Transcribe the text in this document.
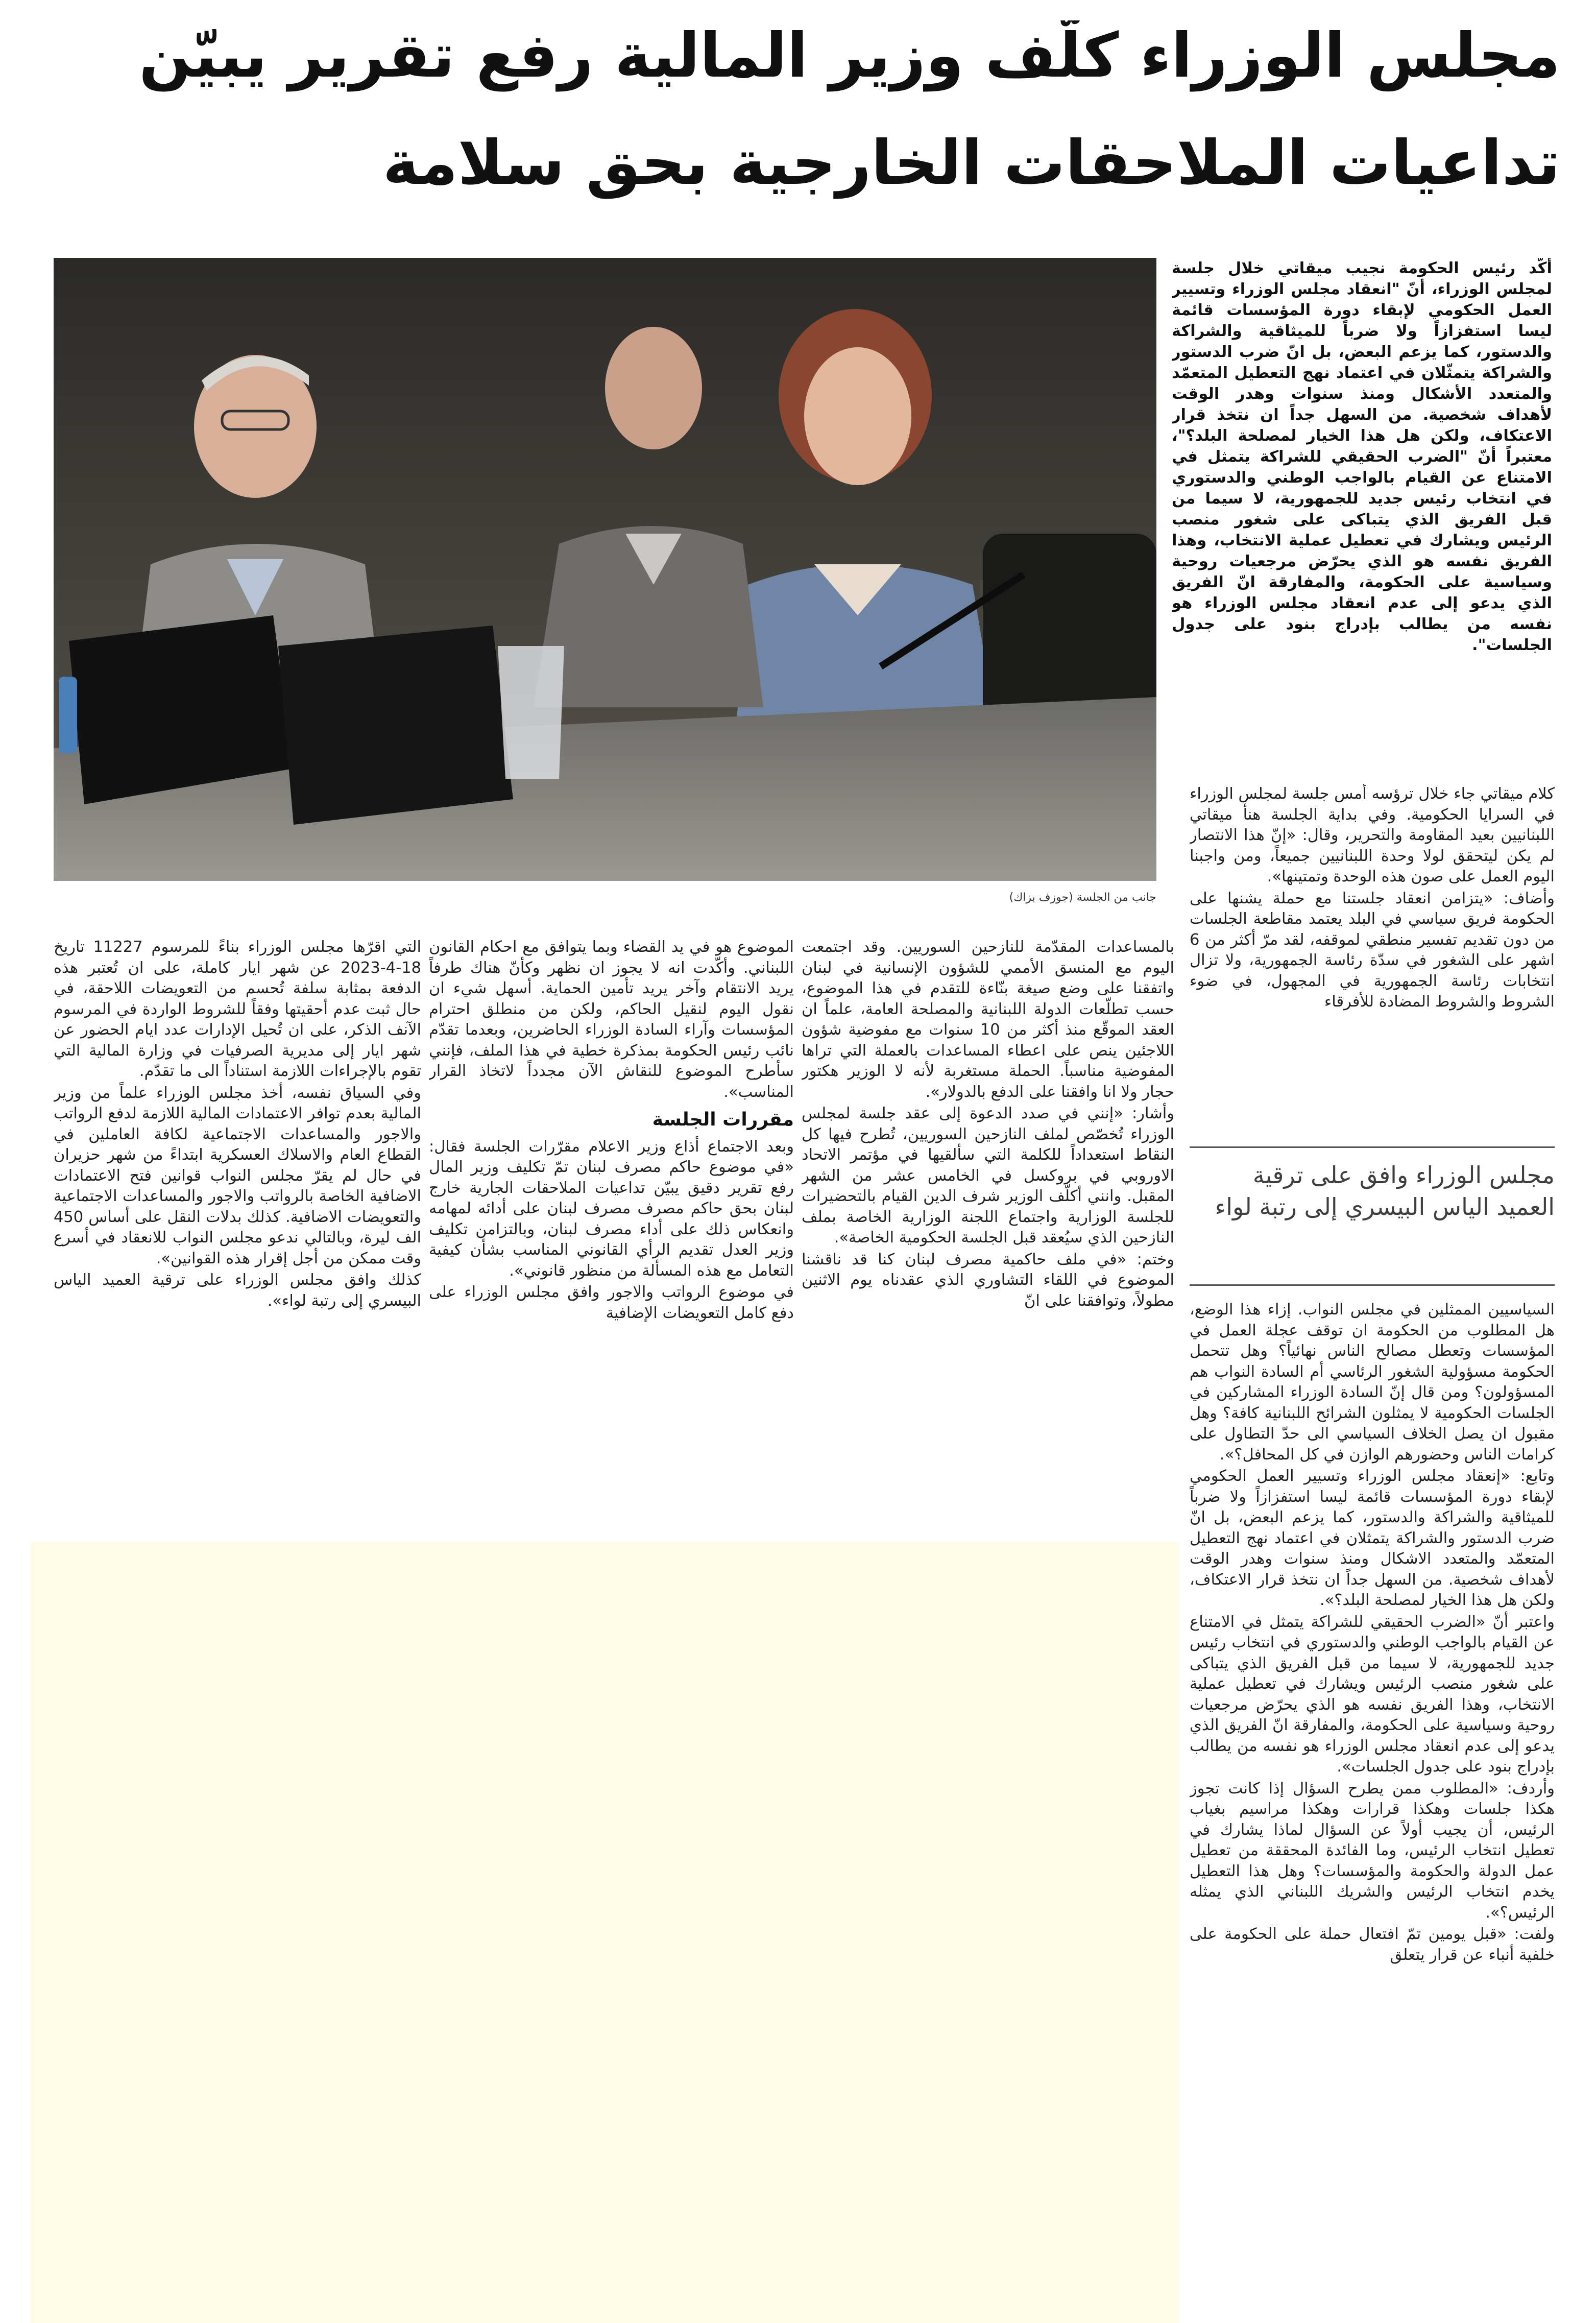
مجلس الوزراء كلّف وزير المالية رفع تقرير يبيّن
تداعيات الملاحقات الخارجية بحق سلامة

أكّد رئيس الحكومة نجيب ميقاتي خلال جلسة لمجلس الوزراء، أنّ "انعقاد مجلس الوزراء وتسيير العمل الحكومي لإبقاء دورة المؤسسات قائمة ليسا استفزازاً ولا ضرباً للميثاقية والشراكة والدستور، كما يزعم البعض، بل انّ ضرب الدستور والشراكة يتمثّلان في اعتماد نهج التعطيل المتعمّد والمتعدد الأشكال ومنذ سنوات وهدر الوقت لأهداف شخصية. من السهل جداً ان نتخذ قرار الاعتكاف، ولكن هل هذا الخيار لمصلحة البلد؟"، معتبراً أنّ "الضرب الحقيقي للشراكة يتمثل في الامتناع عن القيام بالواجب الوطني والدستوري في انتخاب رئيس جديد للجمهورية، لا سيما من قبل الفريق الذي يتباكى على شغور منصب الرئيس ويشارك في تعطيل عملية الانتخاب، وهذا الفريق نفسه هو الذي يحرّض مرجعيات روحية وسياسية على الحكومة، والمفارقة انّ الفريق الذي يدعو إلى عدم انعقاد مجلس الوزراء هو نفسه من يطالب بإدراج بنود على جدول الجلسات".

جانب من الجلسة (جوزف بزاك)

كلام ميقاتي جاء خلال ترؤسه أمس جلسة لمجلس الوزراء في السرايا الحكومية. وفي بداية الجلسة هنأ ميقاتي اللبنانيين بعيد المقاومة والتحرير، وقال: «إنّ هذا الانتصار لم يكن ليتحقق لولا وحدة اللبنانيين جميعاً، ومن واجبنا اليوم العمل على صون هذه الوحدة وتمتينها».

وأضاف: «يتزامن انعقاد جلستنا مع حملة يشنها على الحكومة فريق سياسي في البلد يعتمد مقاطعة الجلسات من دون تقديم تفسير منطقي لموقفه، لقد مرّ أكثر من 6 اشهر على الشغور في سدّة رئاسة الجمهورية، ولا تزال انتخابات رئاسة الجمهورية في المجهول، في ضوء الشروط والشروط المضادة للأفرقاء

مجلس الوزراء وافق على ترقية العميد الياس البيسري إلى رتبة لواء

السياسيين الممثلين في مجلس النواب. إزاء هذا الوضع، هل المطلوب من الحكومة ان توقف عجلة العمل في المؤسسات وتعطل مصالح الناس نهائياً؟ وهل تتحمل الحكومة مسؤولية الشغور الرئاسي أم السادة النواب هم المسؤولون؟ ومن قال إنّ السادة الوزراء المشاركين في الجلسات الحكومية لا يمثلون الشرائح اللبنانية كافة؟ وهل مقبول ان يصل الخلاف السياسي الى حدّ التطاول على كرامات الناس وحضورهم الوازن في كل المحافل؟».

وتابع: «إنعقاد مجلس الوزراء وتسيير العمل الحكومي لإبقاء دورة المؤسسات قائمة ليسا استفزازاً ولا ضرباً للميثاقية والشراكة والدستور، كما يزعم البعض، بل انّ ضرب الدستور والشراكة يتمثلان في اعتماد نهج التعطيل المتعمّد والمتعدد الاشكال ومنذ سنوات وهدر الوقت لأهداف شخصية. من السهل جداً ان نتخذ قرار الاعتكاف، ولكن هل هذا الخيار لمصلحة البلد؟».

واعتبر أنّ «الضرب الحقيقي للشراكة يتمثل في الامتناع عن القيام بالواجب الوطني والدستوري في انتخاب رئيس جديد للجمهورية، لا سيما من قبل الفريق الذي يتباكى على شغور منصب الرئيس ويشارك في تعطيل عملية الانتخاب، وهذا الفريق نفسه هو الذي يحرّض مرجعيات روحية وسياسية على الحكومة، والمفارقة انّ الفريق الذي يدعو إلى عدم انعقاد مجلس الوزراء هو نفسه من يطالب بإدراج بنود على جدول الجلسات».

وأردف: «المطلوب ممن يطرح السؤال إذا كانت تجوز هكذا جلسات وهكذا قرارات وهكذا مراسيم بغياب الرئيس، أن يجيب أولاً عن السؤال لماذا يشارك في تعطيل انتخاب الرئيس، وما الفائدة المحققة من تعطيل عمل الدولة والحكومة والمؤسسات؟ وهل هذا التعطيل يخدم انتخاب الرئيس والشريك اللبناني الذي يمثله الرئيس؟».

ولفت: «قبل يومين تمّ افتعال حملة على الحكومة على خلفية أنباء عن قرار يتعلق

بالمساعدات المقدّمة للنازحين السوريين. وقد اجتمعت اليوم مع المنسق الأممي للشؤون الإنسانية في لبنان واتفقنا على وضع صيغة بنّاءة للتقدم في هذا الموضوع، حسب تطلّعات الدولة اللبنانية والمصلحة العامة، علماً ان العقد الموقّع منذ أكثر من 10 سنوات مع مفوضية شؤون اللاجئين ينص على اعطاء المساعدات بالعملة التي تراها المفوضية مناسباً. الحملة مستغربة لأنه لا الوزير هكتور حجار ولا انا وافقنا على الدفع بالدولار».

وأشار: «إنني في صدد الدعوة إلى عقد جلسة لمجلس الوزراء تُخصّص لملف النازحين السوريين، تُطرح فيها كل النقاط استعداداً للكلمة التي سألقيها في مؤتمر الاتحاد الاوروبي في بروكسل في الخامس عشر من الشهر المقبل. وانني أكلّف الوزير شرف الدين القيام بالتحضيرات للجلسة الوزارية واجتماع اللجنة الوزارية الخاصة بملف النازحين الذي سيُعقد قبل الجلسة الحكومية الخاصة».

وختم: «في ملف حاكمية مصرف لبنان كنا قد ناقشنا الموضوع في اللقاء التشاوري الذي عقدناه يوم الاثنين مطولاً، وتوافقنا على انّ

الموضوع هو في يد القضاء وبما يتوافق مع احكام القانون اللبناني. وأكّدت انه لا يجوز ان نظهر وكأنّ هناك طرفاً يريد الانتقام وآخر يريد تأمين الحماية. أسهل شيء ان نقول اليوم لنقيل الحاكم، ولكن من منطلق احترام المؤسسات وآراء السادة الوزراء الحاضرين، وبعدما تقدّم نائب رئيس الحكومة بمذكرة خطية في هذا الملف، فإنني سأطرح الموضوع للنقاش الآن مجدداً لاتخاذ القرار المناسب».

مقررات الجلسة

وبعد الاجتماع أذاع وزير الاعلام مقرّرات الجلسة فقال: «في موضوع حاكم مصرف لبنان تمّ تكليف وزير المال رفع تقرير دقيق يبيّن تداعيات الملاحقات الجارية خارج لبنان بحق حاكم مصرف مصرف لبنان على أدائه لمهامه وانعكاس ذلك على أداء مصرف لبنان، وبالتزامن تكليف وزير العدل تقديم الرأي القانوني المناسب بشأن كيفية التعامل مع هذه المسألة من منظور قانوني».

في موضوع الرواتب والاجور وافق مجلس الوزراء على دفع كامل التعويضات الإضافية

التي اقرّها مجلس الوزراء بناءً للمرسوم 11227 تاريخ 18-4-2023 عن شهر ايار كاملة، على ان تُعتبر هذه الدفعة بمثابة سلفة تُحسم من التعويضات اللاحقة، في حال ثبت عدم أحقيتها وفقاً للشروط الواردة في المرسوم الآنف الذكر، على ان تُحيل الإدارات عدد ايام الحضور عن شهر ايار إلى مديرية الصرفيات في وزارة المالية التي تقوم بالإجراءات اللازمة استناداً الى ما تقدّم.

وفي السياق نفسه، أخذ مجلس الوزراء علماً من وزير المالية بعدم توافر الاعتمادات المالية اللازمة لدفع الرواتب والاجور والمساعدات الاجتماعية لكافة العاملين في القطاع العام والاسلاك العسكرية ابتداءً من شهر حزيران في حال لم يقرّ مجلس النواب قوانين فتح الاعتمادات الاضافية الخاصة بالرواتب والاجور والمساعدات الاجتماعية والتعويضات الاضافية. كذلك بدلات النقل على أساس 450 الف ليرة، وبالتالي ندعو مجلس النواب للانعقاد في أسرع وقت ممكن من أجل إقرار هذه القوانين».

كذلك وافق مجلس الوزراء على ترقية العميد الياس البيسري إلى رتبة لواء».
